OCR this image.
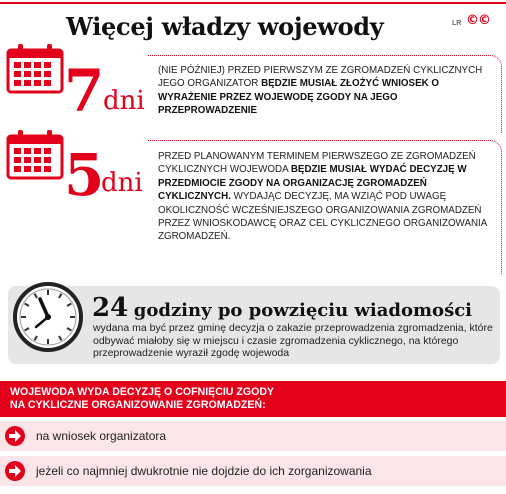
Więcej władzy wojewody	LR ©©
7
dni
(NIE PÓŹNIEJ) PRZED PIERWSZYM ZE ZGROMADZEŃ CYKLICZNYCH JEGO ORGANIZATOR BĘDZIE MUSIAŁ ZŁOŻYĆ WNIOSEK O WYRAŻENIE PRZEZ WOJEWODĘ ZGODY NA JEGO PRZEPROWADZENIE
5
dni
PRZED PLANOWANYM TERMINEM PIERWSZEGO ZE ZGROMADZEŃ CYKLICZNYCH WOJEWODA BĘDZIE MUSIAŁ WYDAĆ DECYZJĘ W PRZEDMIOCIE ZGODY NA ORGANIZACJĘ ZGROMADZEŃ CYKLICZNYCH. WYDAJĄC DECYZJĘ, MA WZIĄĆ POD UWAGĘ OKOLICZNOŚĆ WCZEŚNIEJSZEGO ORGANIZOWANIA ZGROMADZEŃ PRZEZ WNIOSKODAWCĘ ORAZ CEL CYKLICZNEGO ORGANIZOWANIA ZGROMADZEŃ.
24 godziny po powzięciu wiadomości
wydana ma być przez gminę decyzja o zakazie przeprowadzenia zgromadzenia, które odbywać miałoby się w miejscu i czasie zgromadzenia cyklicznego, na którego przeprowadzenie wyraził zgodę wojewoda
WOJEWODA WYDA DECYZJĘ O COFNIĘCIU ZGODY
NA CYKLICZNE ORGANIZOWANIE ZGROMADZEŃ:
na wniosek organizatora
jeżeli co najmniej dwukrotnie nie dojdzie do ich zorganizowania
